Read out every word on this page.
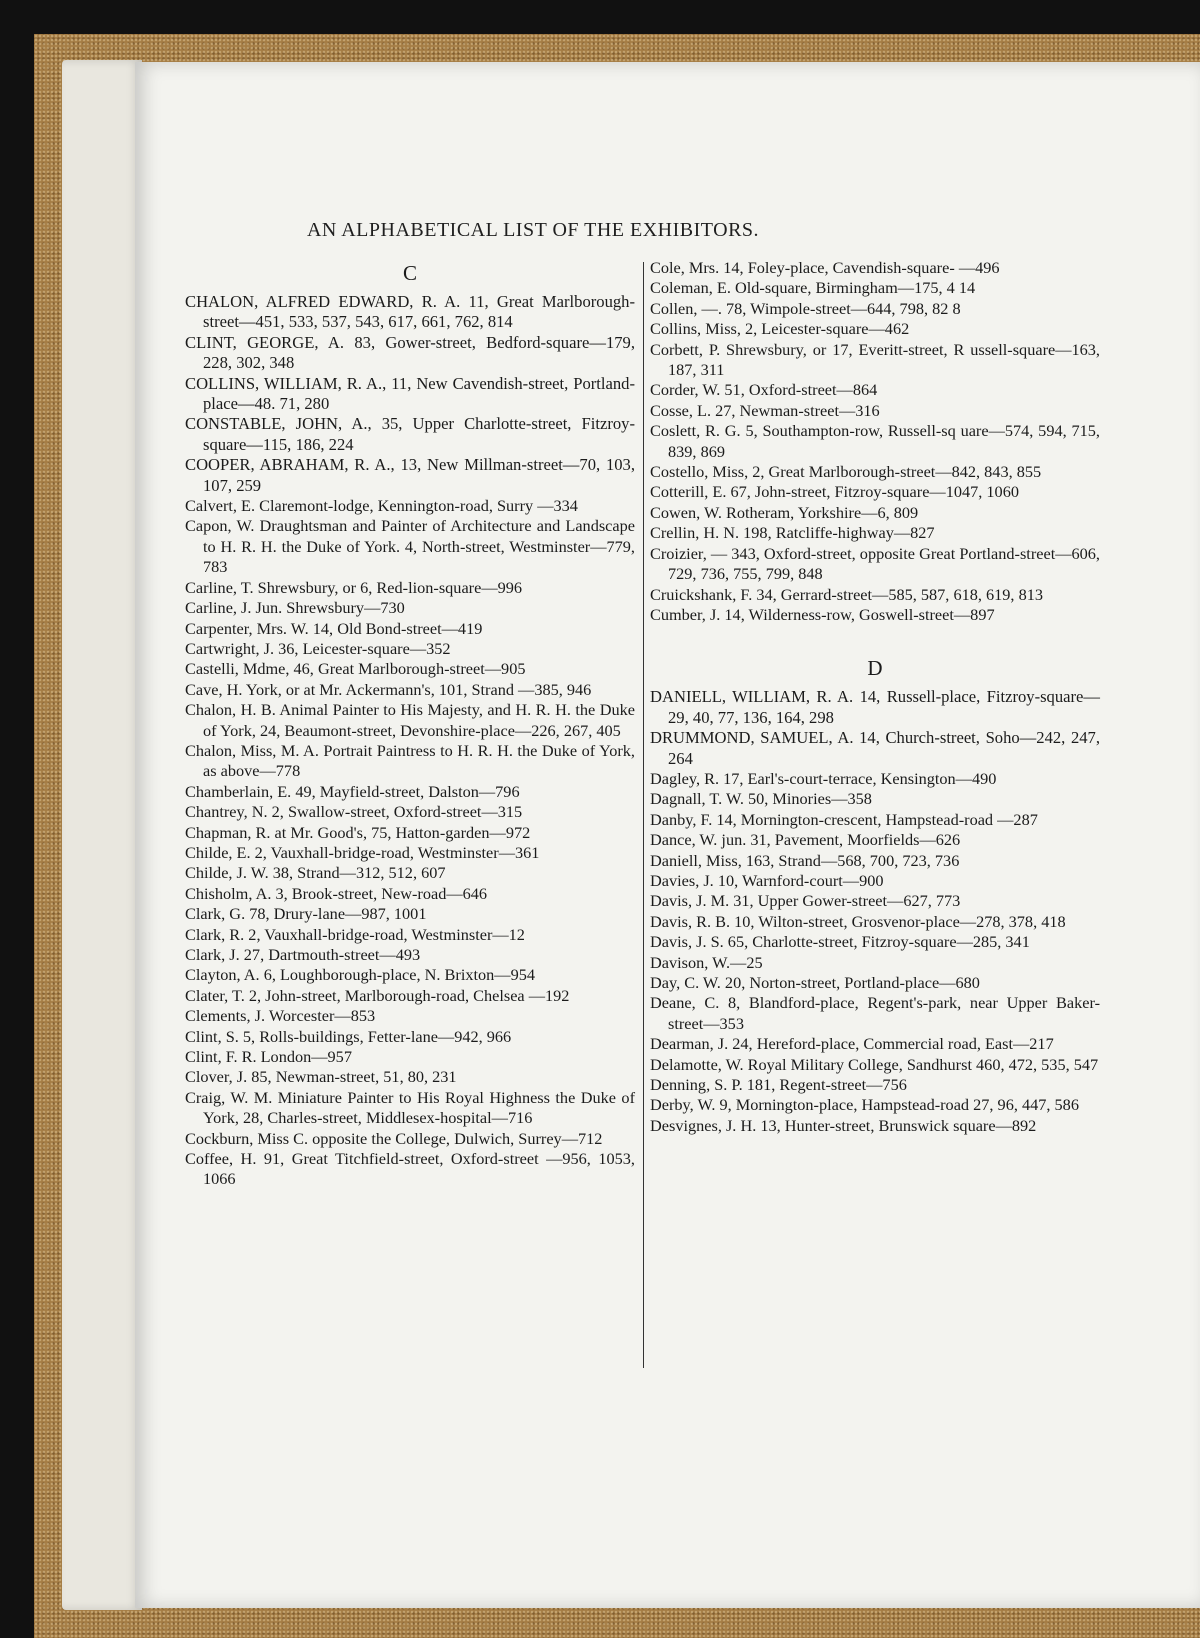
AN ALPHABETICAL LIST OF THE EXHIBITORS.
C
CHALON, ALFRED EDWARD, R. A. 11, Great Marlborough-street—451, 533, 537, 543, 617, 661, 762, 814
CLINT, GEORGE, A. 83, Gower-street, Bedford-square—179, 228, 302, 348
COLLINS, WILLIAM, R. A., 11, New Cavendish-street, Portland-place—48. 71, 280
CONSTABLE, JOHN, A., 35, Upper Charlotte-street, Fitzroy-square—115, 186, 224
COOPER, ABRAHAM, R. A., 13, New Millman-street—70, 103, 107, 259
Calvert, E. Claremont-lodge, Kennington-road, Surry —334
Capon, W. Draughtsman and Painter of Architecture and Landscape to H. R. H. the Duke of York. 4, North-street, Westminster—779, 783
Carline, T. Shrewsbury, or 6, Red-lion-square—996
Carline, J. Jun. Shrewsbury—730
Carpenter, Mrs. W. 14, Old Bond-street—419
Cartwright, J. 36, Leicester-square—352
Castelli, Mdme, 46, Great Marlborough-street—905
Cave, H. York, or at Mr. Ackermann's, 101, Strand —385, 946
Chalon, H. B. Animal Painter to His Majesty, and H. R. H. the Duke of York, 24, Beaumont-street, Devonshire-place—226, 267, 405
Chalon, Miss, M. A. Portrait Paintress to H. R. H. the Duke of York, as above—778
Chamberlain, E. 49, Mayfield-street, Dalston—796
Chantrey, N. 2, Swallow-street, Oxford-street—315
Chapman, R. at Mr. Good's, 75, Hatton-garden—972
Childe, E. 2, Vauxhall-bridge-road, Westminster—361
Childe, J. W. 38, Strand—312, 512, 607
Chisholm, A. 3, Brook-street, New-road—646
Clark, G. 78, Drury-lane—987, 1001
Clark, R. 2, Vauxhall-bridge-road, Westminster—12
Clark, J. 27, Dartmouth-street—493
Clayton, A. 6, Loughborough-place, N. Brixton—954
Clater, T. 2, John-street, Marlborough-road, Chelsea —192
Clements, J. Worcester—853
Clint, S. 5, Rolls-buildings, Fetter-lane—942, 966
Clint, F. R. London—957
Clover, J. 85, Newman-street, 51, 80, 231
Craig, W. M. Miniature Painter to His Royal Highness the Duke of York, 28, Charles-street, Middlesex-hospital—716
Cockburn, Miss C. opposite the College, Dulwich, Surrey—712
Coffee, H. 91, Great Titchfield-street, Oxford-street —956, 1053, 1066
Cole, Mrs. 14, Foley-place, Cavendish-square- —496
Coleman, E. Old-square, Birmingham—175, 4 14
Collen, —. 78, Wimpole-street—644, 798, 82 8
Collins, Miss, 2, Leicester-square—462
Corbett, P. Shrewsbury, or 17, Everitt-street, R ussell-square—163, 187, 311
Corder, W. 51, Oxford-street—864
Cosse, L. 27, Newman-street—316
Coslett, R. G. 5, Southampton-row, Russell-sq uare—574, 594, 715, 839, 869
Costello, Miss, 2, Great Marlborough-street—842, 843, 855
Cotterill, E. 67, John-street, Fitzroy-square—1047, 1060
Cowen, W. Rotheram, Yorkshire—6, 809
Crellin, H. N. 198, Ratcliffe-highway—827
Croizier, — 343, Oxford-street, opposite Great Portland-street—606, 729, 736, 755, 799, 848
Cruickshank, F. 34, Gerrard-street—585, 587, 618, 619, 813
Cumber, J. 14, Wilderness-row, Goswell-street—897
D
DANIELL, WILLIAM, R. A. 14, Russell-place, Fitzroy-square—29, 40, 77, 136, 164, 298
DRUMMOND, SAMUEL, A. 14, Church-street, Soho—242, 247, 264
Dagley, R. 17, Earl's-court-terrace, Kensington—490
Dagnall, T. W. 50, Minories—358
Danby, F. 14, Mornington-crescent, Hampstead-road —287
Dance, W. jun. 31, Pavement, Moorfields—626
Daniell, Miss, 163, Strand—568, 700, 723, 736
Davies, J. 10, Warnford-court—900
Davis, J. M. 31, Upper Gower-street—627, 773
Davis, R. B. 10, Wilton-street, Grosvenor-place—278, 378, 418
Davis, J. S. 65, Charlotte-street, Fitzroy-square—285, 341
Davison, W.—25
Day, C. W. 20, Norton-street, Portland-place—680
Deane, C. 8, Blandford-place, Regent's-park, near Upper Baker-street—353
Dearman, J. 24, Hereford-place, Commercial road, East—217
Delamotte, W. Royal Military College, Sandhurst 460, 472, 535, 547
Denning, S. P. 181, Regent-street—756
Derby, W. 9, Mornington-place, Hampstead-road 27, 96, 447, 586
Desvignes, J. H. 13, Hunter-street, Brunswick square—892
